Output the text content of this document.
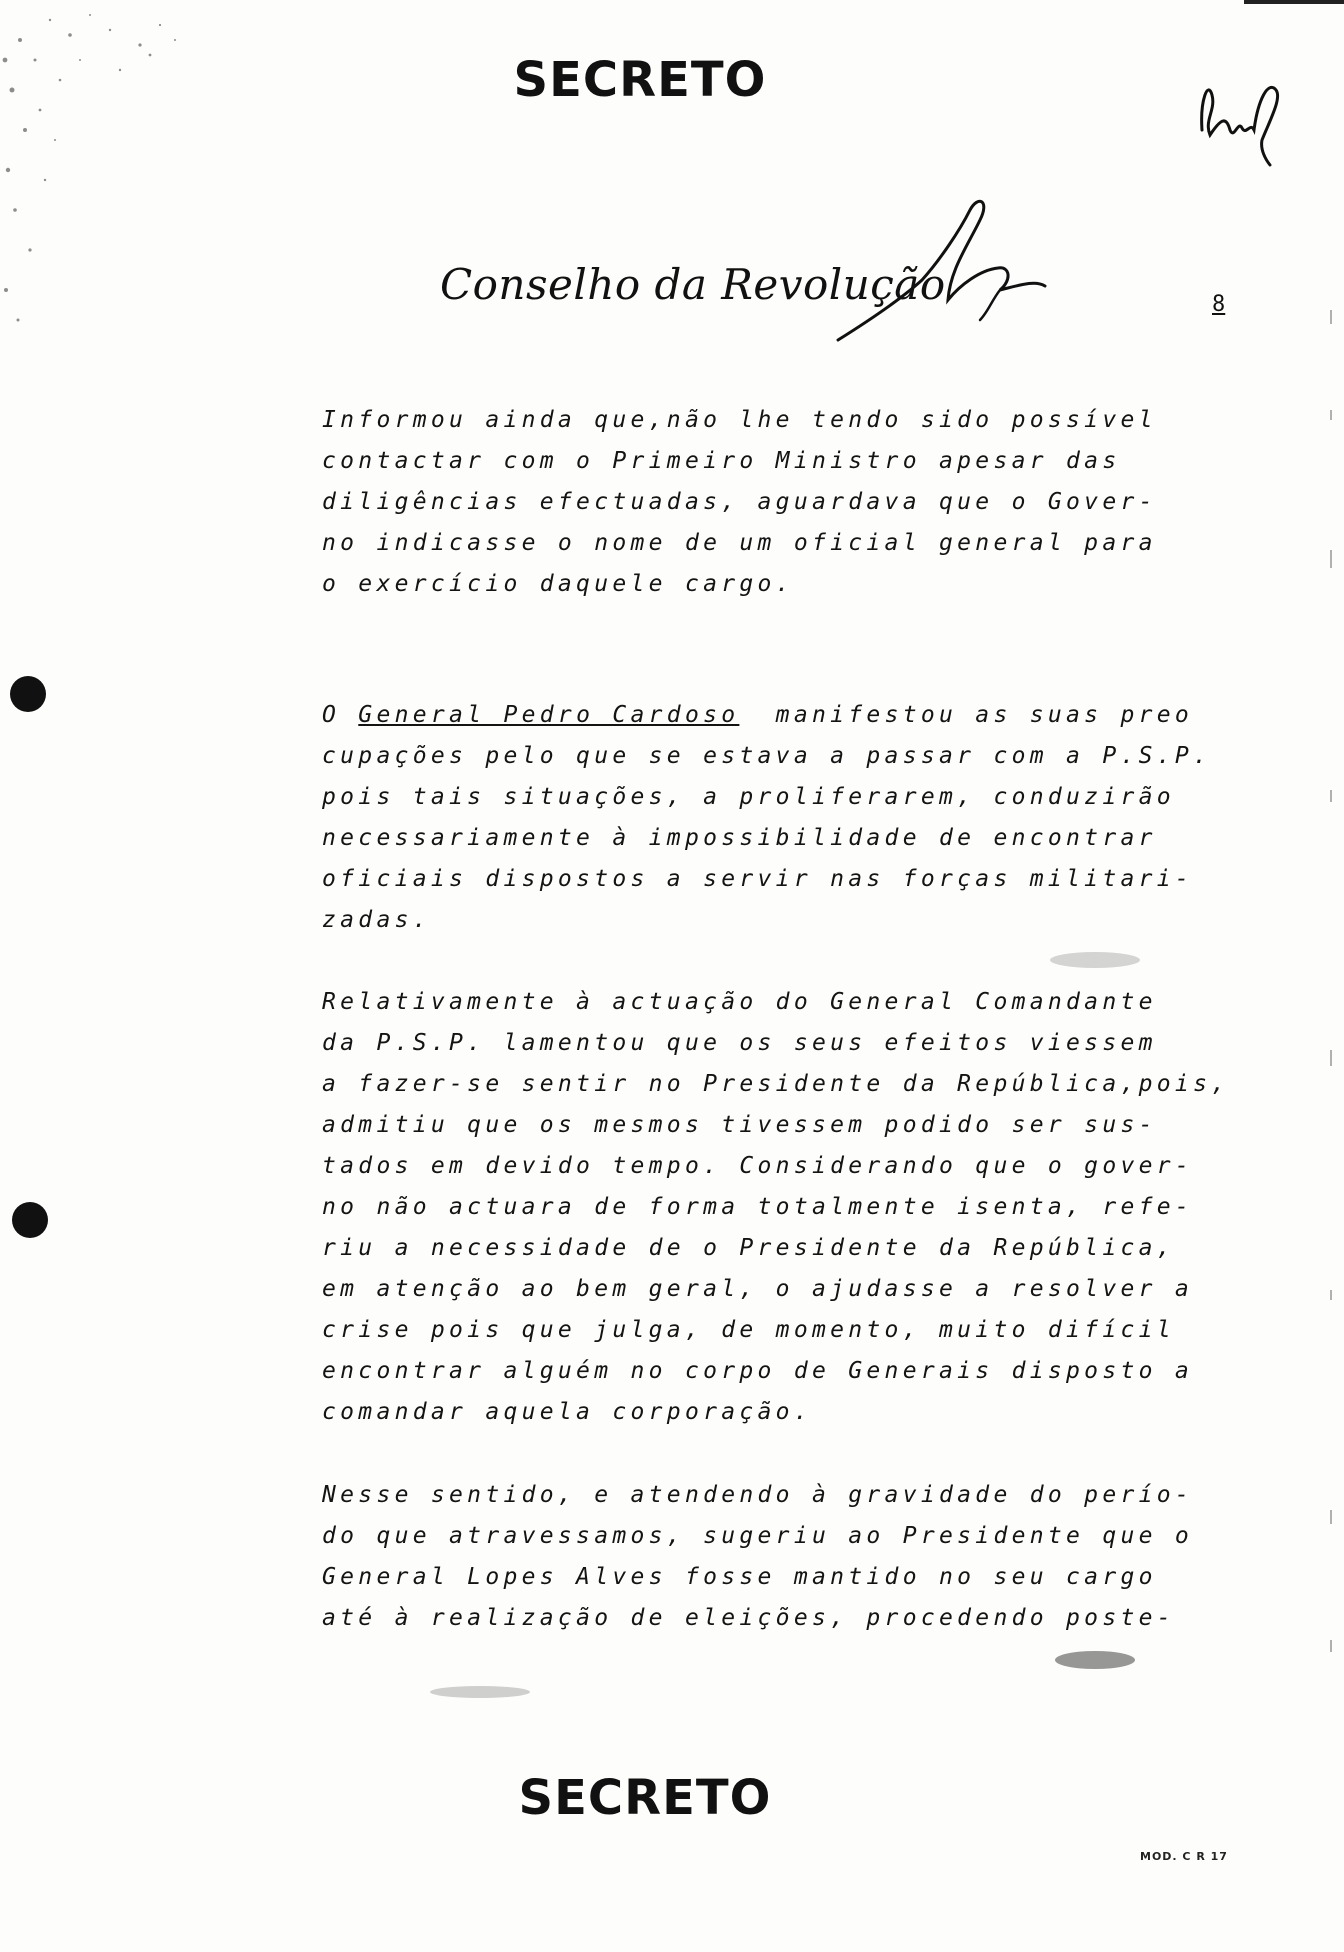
SECRETO
Conselho da Revolução	8
Informou ainda que,não lhe tendo sido possível
contactar com o Primeiro Ministro apesar das
diligências efectuadas, aguardava que o Gover-
no indicasse o nome de um oficial general para
o exercício daquele cargo.
O General Pedro Cardoso  manifestou as suas preo
cupações pelo que se estava a passar com a P.S.P.
pois tais situações, a proliferarem, conduzirão
necessariamente à impossibilidade de encontrar
oficiais dispostos a servir nas forças militari-
zadas.
Relativamente à actuação do General Comandante
da P.S.P. lamentou que os seus efeitos viessem
a fazer-se sentir no Presidente da República,pois,
admitiu que os mesmos tivessem podido ser sus-
tados em devido tempo. Considerando que o gover-
no não actuara de forma totalmente isenta, refe-
riu a necessidade de o Presidente da República,
em atenção ao bem geral, o ajudasse a resolver a
crise pois que julga, de momento, muito difícil
encontrar alguém no corpo de Generais disposto a
comandar aquela corporação.
Nesse sentido, e atendendo à gravidade do perío-
do que atravessamos, sugeriu ao Presidente que o
General Lopes Alves fosse mantido no seu cargo
até à realização de eleições, procedendo poste-
SECRETO
MOD. C R 17
